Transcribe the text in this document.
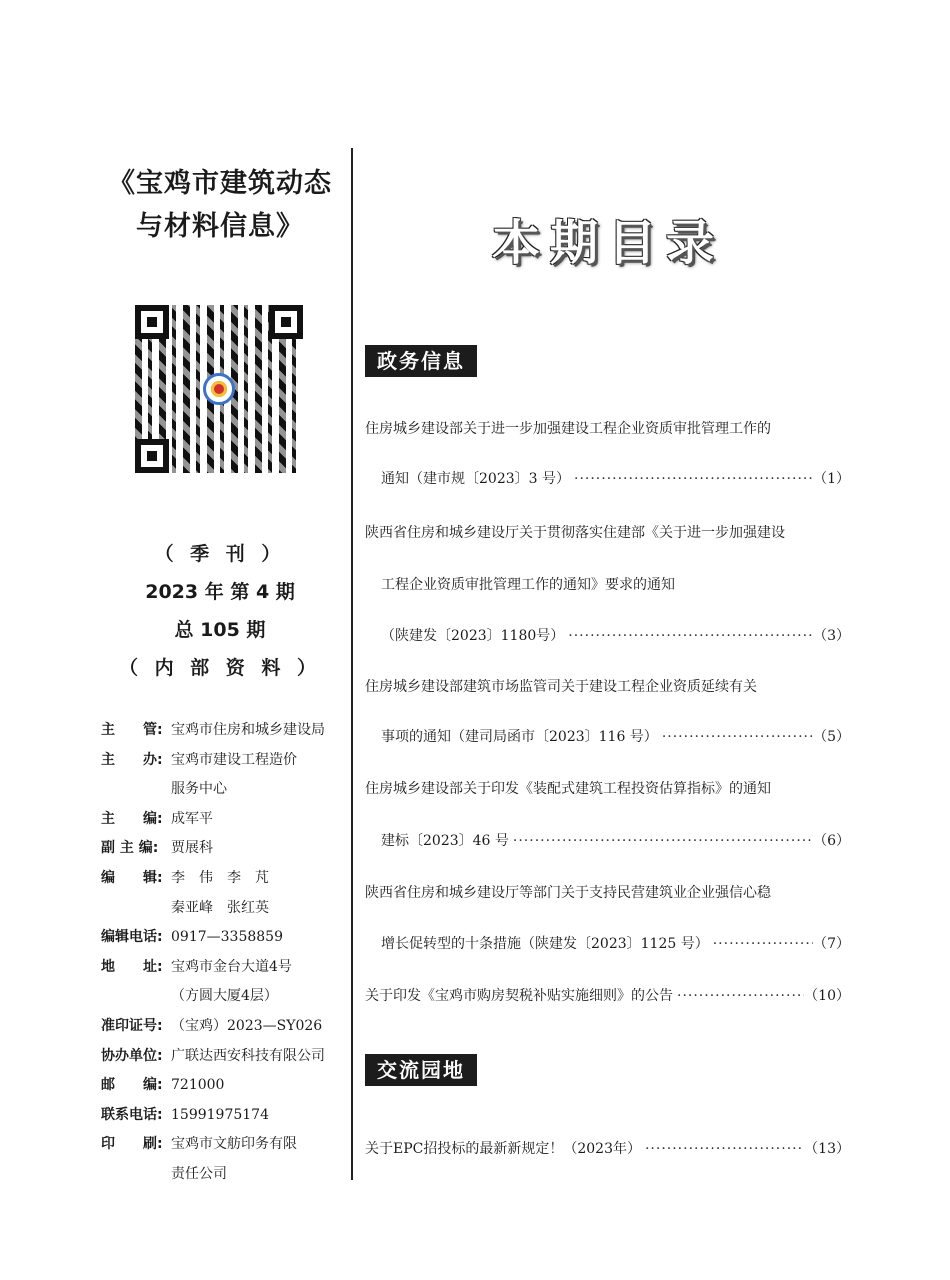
《宝鸡市建筑动态
与材料信息》
（ 季 刊 ）
2023 年 第 4 期
总 105 期
（ 内 部 资 料 ）
主　　管: 宝鸡市住房和城乡建设局
主　　办: 宝鸡市建设工程造价
服务中心
主　　编: 成军平
副 主 编: 贾展科
编　　辑: 李　伟　李　芃
秦亚峰　张红英
编辑电话: 0917—3358859
地　　址: 宝鸡市金台大道4号
（方圆大厦4层）
准印证号: （宝鸡）2023—SY026
协办单位: 广联达西安科技有限公司
邮　　编: 721000
联系电话: 15991975174
印　　刷: 宝鸡市文舫印务有限
责任公司
本期目录
政务信息
住房城乡建设部关于进一步加强建设工程企业资质审批管理工作的
通知（建市规〔2023〕3 号） ·····	（1）
陕西省住房和城乡建设厅关于贯彻落实住建部《关于进一步加强建设
工程企业资质审批管理工作的通知》要求的通知
（陕建发〔2023〕1180号） ·····	（3）
住房城乡建设部建筑市场监管司关于建设工程企业资质延续有关
事项的通知（建司局函市〔2023〕116 号） ·····	（5）
住房城乡建设部关于印发《装配式建筑工程投资估算指标》的通知
建标〔2023〕46 号 ·····	（6）
陕西省住房和城乡建设厅等部门关于支持民营建筑业企业强信心稳
增长促转型的十条措施（陕建发〔2023〕1125 号） ·····	（7）
关于印发《宝鸡市购房契税补贴实施细则》的公告 ·····	（10）
交流园地
关于EPC招投标的最新新规定！（2023年） ·····	（13）
